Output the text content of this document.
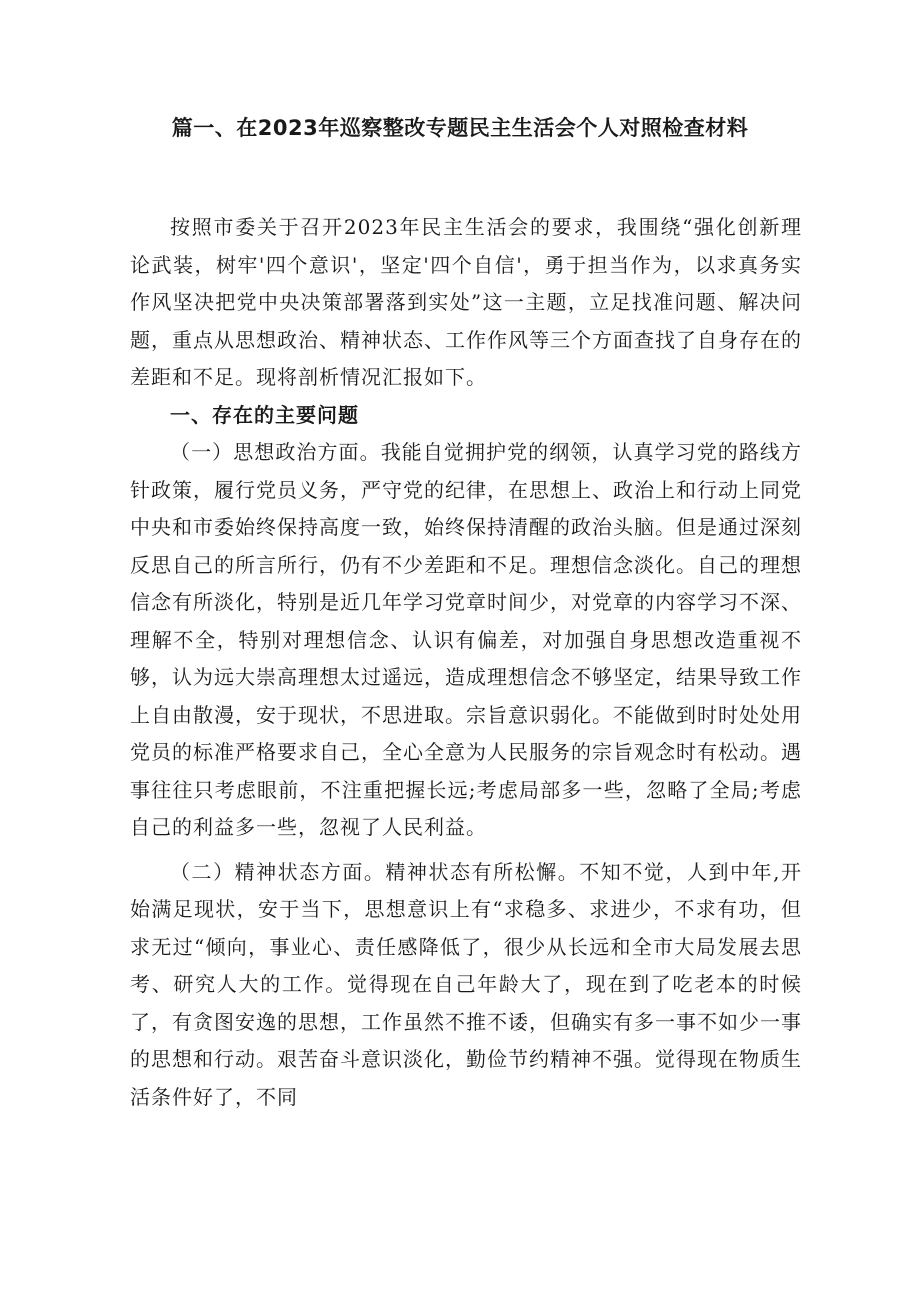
篇一、在2023年巡察整改专题民主生活会个人对照检查材料

按照市委关于召开2023年民主生活会的要求，我围绕“强化创新理论武装，树牢'四个意识'，坚定'四个自信'，勇于担当作为，以求真务实作风坚决把党中央决策部署落到实处”这一主题，立足找准问题、解决问题，重点从思想政治、精神状态、工作作风等三个方面查找了自身存在的差距和不足。现将剖析情况汇报如下。

一、存在的主要问题

（一）思想政治方面。我能自觉拥护党的纲领，认真学习党的路线方针政策，履行党员义务，严守党的纪律，在思想上、政治上和行动上同党中央和市委始终保持高度一致，始终保持清醒的政治头脑。但是通过深刻反思自己的所言所行，仍有不少差距和不足。理想信念淡化。自己的理想信念有所淡化，特别是近几年学习党章时间少，对党章的内容学习不深、理解不全，特别对理想信念、认识有偏差，对加强自身思想改造重视不够，认为远大崇高理想太过遥远，造成理想信念不够坚定，结果导致工作上自由散漫，安于现状，不思进取。宗旨意识弱化。不能做到时时处处用党员的标准严格要求自己，全心全意为人民服务的宗旨观念时有松动。遇事往往只考虑眼前，不注重把握长远;考虑局部多一些，忽略了全局;考虑自己的利益多一些，忽视了人民利益。

（二）精神状态方面。精神状态有所松懈。不知不觉，人到中年,开始满足现状，安于当下，思想意识上有“求稳多、求进少，不求有功，但求无过“倾向，事业心、责任感降低了，很少从长远和全市大局发展去思考、研究人大的工作。觉得现在自己年龄大了，现在到了吃老本的时候了，有贪图安逸的思想，工作虽然不推不诿，但确实有多一事不如少一事的思想和行动。艰苦奋斗意识淡化，勤俭节约精神不强。觉得现在物质生活条件好了，不同
